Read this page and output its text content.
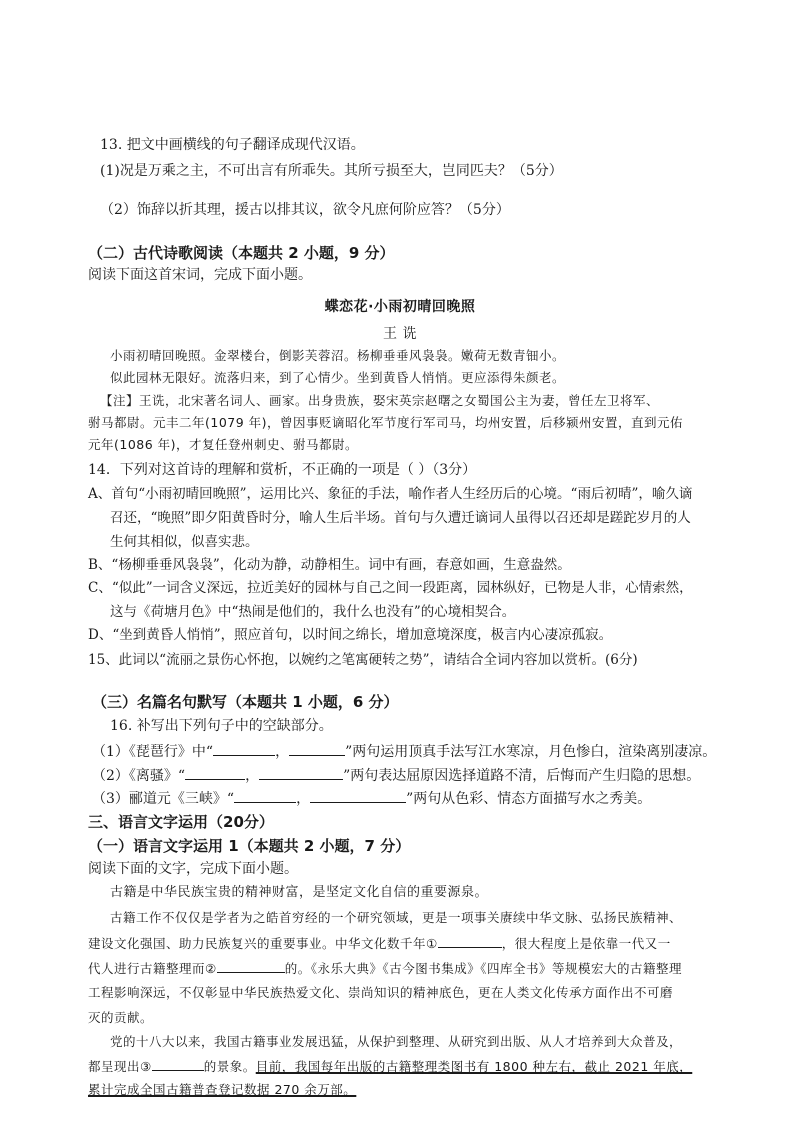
13. 把文中画横线的句子翻译成现代汉语。
(1)况是万乘之主，不可出言有所乖失。其所亏损至大，岂同匹夫？（5分）
（2）饰辞以折其理，援古以排其议，欲令凡庶何阶应答？（5分）
（二）古代诗歌阅读（本题共 2 小题，9 分）
阅读下面这首宋词，完成下面小题。
蝶恋花·小雨初晴回晚照
王 诜
小雨初晴回晚照。金翠楼台，倒影芙蓉沼。杨柳垂垂风袅袅。嫩荷无数青钿小。
似此园林无限好。流落归来，到了心情少。坐到黄昏人悄悄。更应添得朱颜老。
【注】王诜，北宋著名词人、画家。出身贵族，娶宋英宗赵曙之女蜀国公主为妻，曾任左卫将军、
驸马都尉。元丰二年(1079 年)，曾因事贬谪昭化军节度行军司马，均州安置，后移颍州安置，直到元佑
元年(1086 年)，才复任登州刺史、驸马都尉。
14．下列对这首诗的理解和赏析，不正确的一项是（ ）（3分）
A、首句“小雨初晴回晚照”，运用比兴、象征的手法，喻作者人生经历后的心境。“雨后初晴”，喻久谪
召还，“晚照”即夕阳黄昏时分，喻人生后半场。首句与久遭迁谪词人虽得以召还却是蹉跎岁月的人
生何其相似，似喜实悲。
B、“杨柳垂垂风袅袅”，化动为静，动静相生。词中有画，春意如画，生意盎然。
C、“似此”一词含义深远，拉近美好的园林与自己之间一段距离，园林纵好，已物是人非，心情索然，
这与《荷塘月色》中“热闹是他们的，我什么也没有”的心境相契合。
D、“坐到黄昏人悄悄”，照应首句，以时间之绵长，增加意境深度，极言内心凄凉孤寂。
15、此词以“流丽之景伤心怀抱，以婉约之笔寓硬转之势”，请结合全词内容加以赏析。(6分)
（三）名篇名句默写（本题共 1 小题，6 分）
16. 补写出下列句子中的空缺部分。
（1）《琵琶行》中“	，	”两句运用顶真手法写江水寒凉，月色惨白，渲染离别凄凉。
（2）《离骚》“	，	”两句表达屈原因选择道路不清，后悔而产生归隐的思想。
（3）郦道元《三峡》“	，	”两句从色彩、情态方面描写水之秀美。
三、语言文字运用（20分）
（一）语言文字运用 1（本题共 2 小题，7 分）
阅读下面的文字，完成下面小题。
古籍是中华民族宝贵的精神财富，是坚定文化自信的重要源泉。
古籍工作不仅仅是学者为之皓首穷经的一个研究领域，更是一项事关赓续中华文脉、弘扬民族精神、
建设文化强国、助力民族复兴的重要事业。中华文化数千年①	，很大程度上是依靠一代又一
代人进行古籍整理而②	的。《永乐大典》《古今图书集成》《四库全书》等规模宏大的古籍整理
工程影响深远，不仅彰显中华民族热爱文化、崇尚知识的精神底色，更在人类文化传承方面作出不可磨
灭的贡献。
党的十八大以来，我国古籍事业发展迅猛，从保护到整理、从研究到出版、从人才培养到大众普及，
都呈现出③	的景象。目前，我国每年出版的古籍整理类图书有 1800 种左右，截止 2021 年底，
累计完成全国古籍普查登记数据 270 余万部。
